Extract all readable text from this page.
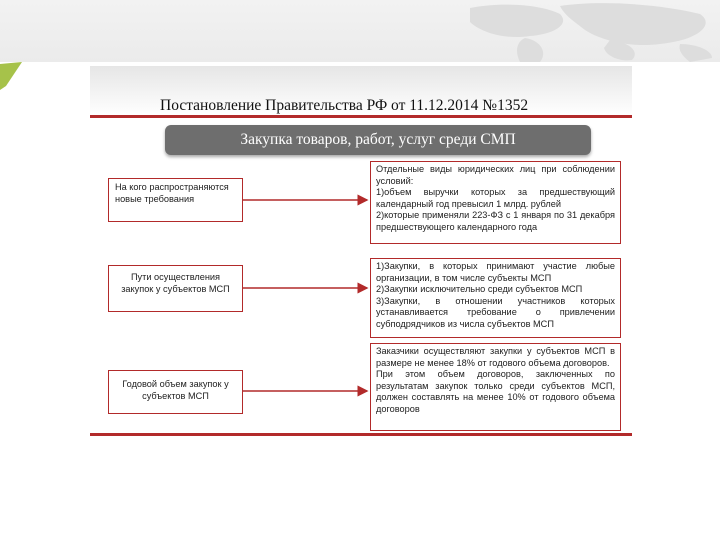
Постановление Правительства РФ от 11.12.2014 №1352
Закупка товаров, работ, услуг среди СМП
На кого распространяются новые требования
Отдельные виды юридических лиц при соблюдении условий:
1)объем выручки которых за предшествующий календарный год превысил 1 млрд. рублей
2)которые применяли 223-ФЗ с 1 января по 31 декабря предшествующего календарного года
Пути осуществления закупок у субъектов МСП
1)Закупки, в которых принимают участие любые организации, в том числе субъекты МСП
2)Закупки исключительно среди субъектов МСП
3)Закупки, в отношении участников которых устанавливается требование о привлечении субподрядчиков из числа субъектов МСП
Годовой объем закупок у субъектов МСП
Заказчики осуществляют закупки у субъектов МСП в размере не менее 18% от годового объема договоров.
При этом объем договоров, заключенных по результатам закупок только среди субъектов МСП, должен составлять на менее 10% от годового объема договоров
